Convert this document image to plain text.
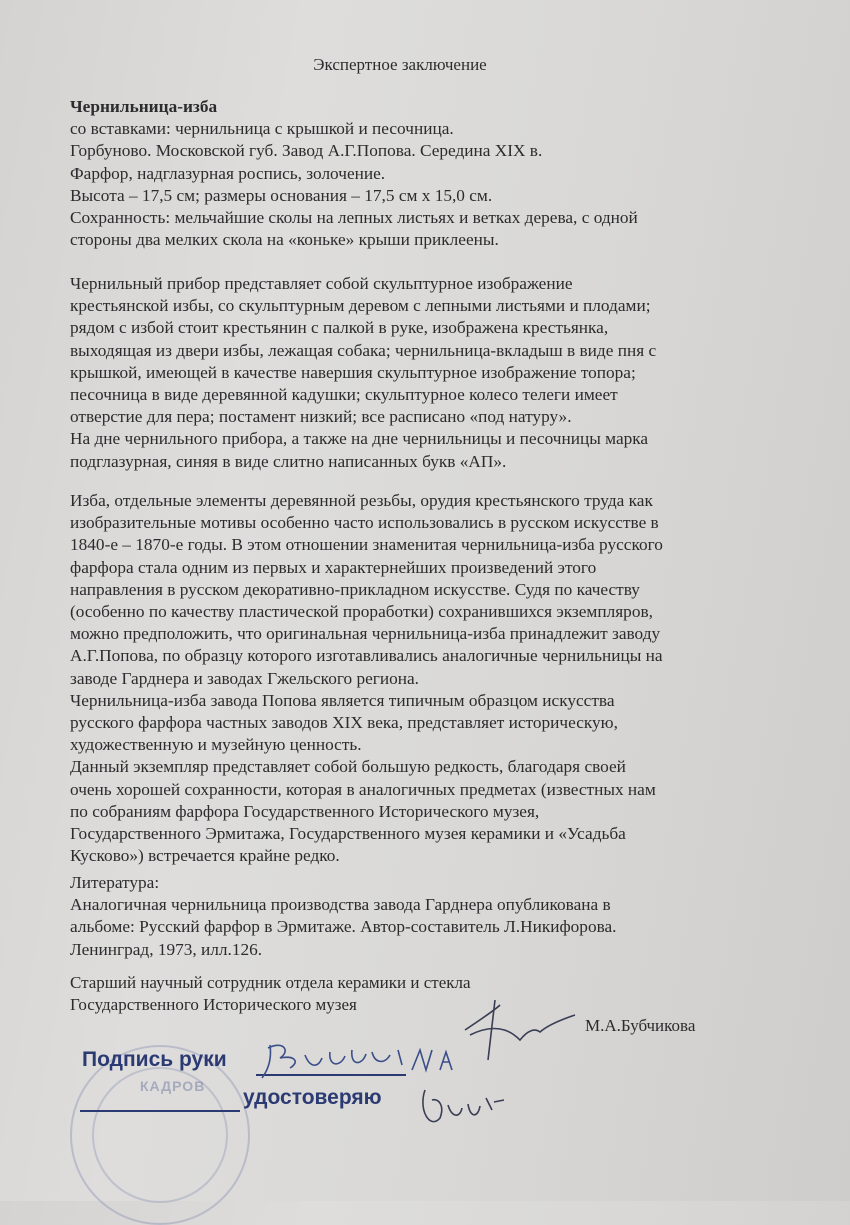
Экспертное заключение

Чернильница-изба

со вставками: чернильница с крышкой и песочница.

Горбуново. Московской губ. Завод А.Г.Попова. Середина XIX в.

Фарфор, надглазурная роспись, золочение.

Высота – 17,5 см; размеры основания – 17,5 см х 15,0 см.

Сохранность: мельчайшие сколы на лепных листьях и ветках дерева, с одной

стороны два мелких скола на «коньке» крыши приклеены.

Чернильный прибор представляет собой скульптурное изображение

крестьянской избы, со скульптурным деревом с лепными листьями и плодами;

рядом с избой стоит крестьянин с палкой в руке, изображена крестьянка,

выходящая из двери избы, лежащая собака; чернильница-вкладыш в виде пня с

крышкой, имеющей в качестве навершия скульптурное изображение топора;

песочница в виде деревянной кадушки; скульптурное колесо телеги имеет

отверстие для пера; постамент низкий; все расписано «под натуру».

На дне чернильного прибора, а также на дне чернильницы и песочницы марка

подглазурная, синяя в виде слитно написанных букв «АП».

Изба, отдельные элементы деревянной резьбы, орудия крестьянского труда как

изобразительные мотивы особенно часто использовались в русском искусстве в

1840-е – 1870-е годы. В этом отношении знаменитая чернильница-изба русского

фарфора стала одним из первых и характернейших произведений этого

направления в русском декоративно-прикладном искусстве. Судя по качеству

(особенно по качеству пластической проработки) сохранившихся экземпляров,

можно предположить, что оригинальная чернильница-изба принадлежит заводу

А.Г.Попова, по образцу которого изготавливались аналогичные чернильницы на

заводе Гарднера и заводах Гжельского региона.

Чернильница-изба завода Попова является типичным образцом искусства

русского фарфора частных заводов XIX века, представляет историческую,

художественную и музейную ценность.

Данный экземпляр представляет собой большую редкость, благодаря своей

очень хорошей сохранности, которая в аналогичных предметах (известных нам

по собраниям фарфора Государственного Исторического музея,

Государственного Эрмитажа, Государственного музея керамики и «Усадьба

Кусково») встречается крайне редко.

Литература:

Аналогичная чернильница производства завода Гарднера опубликована в

альбоме: Русский фарфор в Эрмитаже. Автор-составитель Л.Никифорова.

Ленинград, 1973, илл.126.

Старший научный сотрудник отдела керамики и стекла

Государственного Исторического музея

М.А.Бубчикова
КАДРОВ
Подпись руки
удостоверяю
